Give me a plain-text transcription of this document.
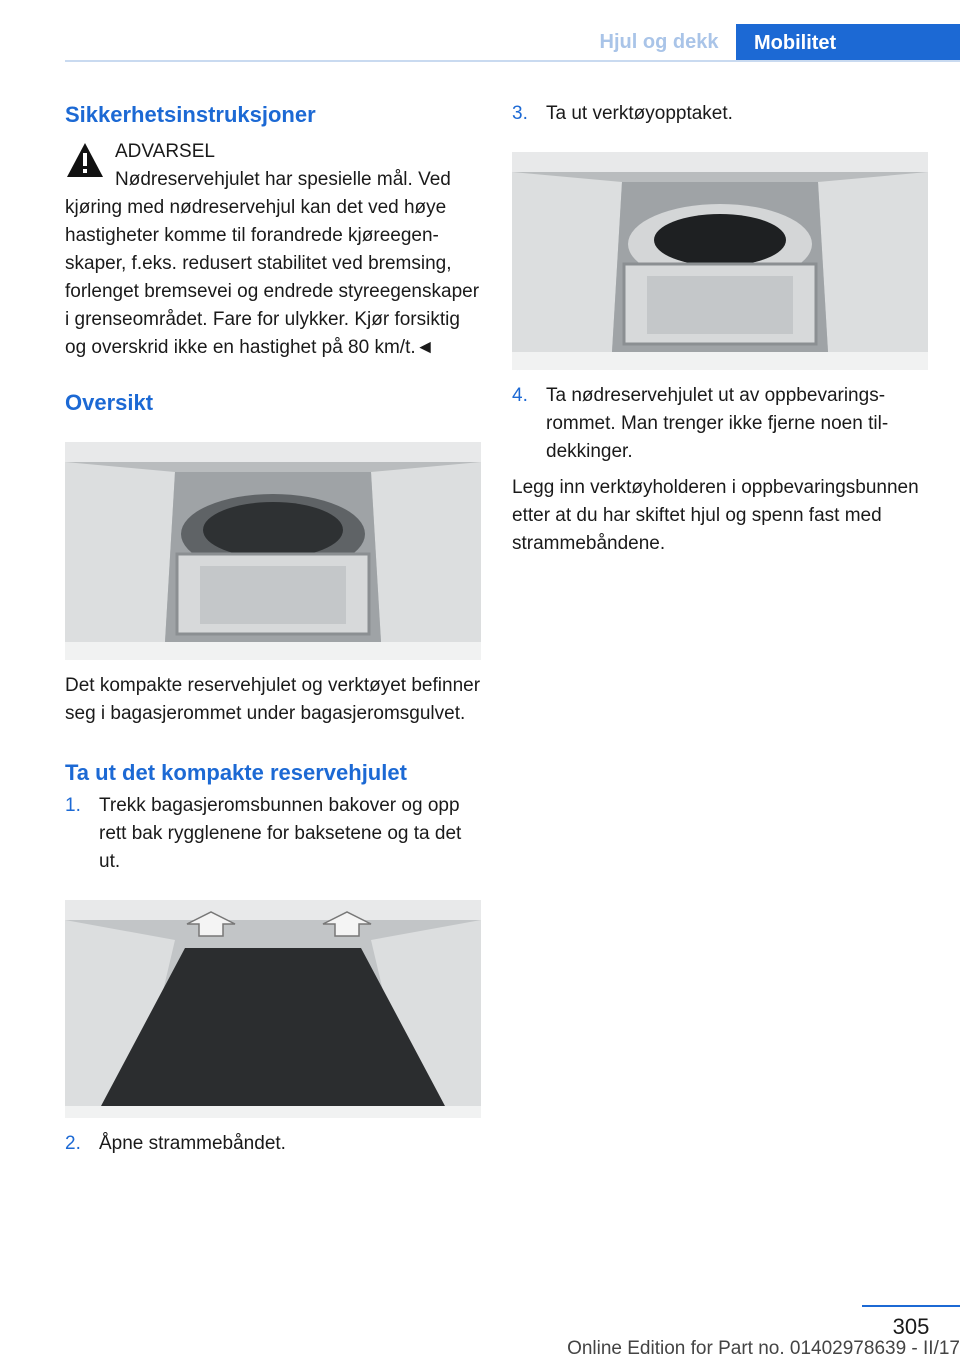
Hjul og dekk	Mobilitet
Sikkerhetsinstruksjoner
ADVARSEL
Nødreservehjulet har spesielle mål. Ved kjøring med nødreservehjul kan det ved høye hastigheter komme til forandrede kjøreegenskaper, f.eks. redusert stabilitet ved bremsing, forlenget bremsevei og endrede styreegenskaper i grenseområdet. Fare for ulykker. Kjør forsiktig og overskrid ikke en hastighet på 80 km/t.◄
Oversikt

Det kompakte reservehjulet og verktøyet befinner seg i bagasjerommet under bagasjeromsgulvet.

Ta ut det kompakte reservehjulet
1. Trekk bagasjeromsbunnen bakover og opp rett bak rygglenene for baksetene og ta det ut.
2. Åpne strammebåndet.
3. Ta ut verktøyopptaket.
4. Ta nødreservehjulet ut av oppbevaringsrommet. Man trenger ikke fjerne noen tildekkinger.

Legg inn verktøyholderen i oppbevaringsbunnen etter at du har skiftet hjul og spenn fast med strammebåndene.

305
Online Edition for Part no. 01402978639 - II/17
